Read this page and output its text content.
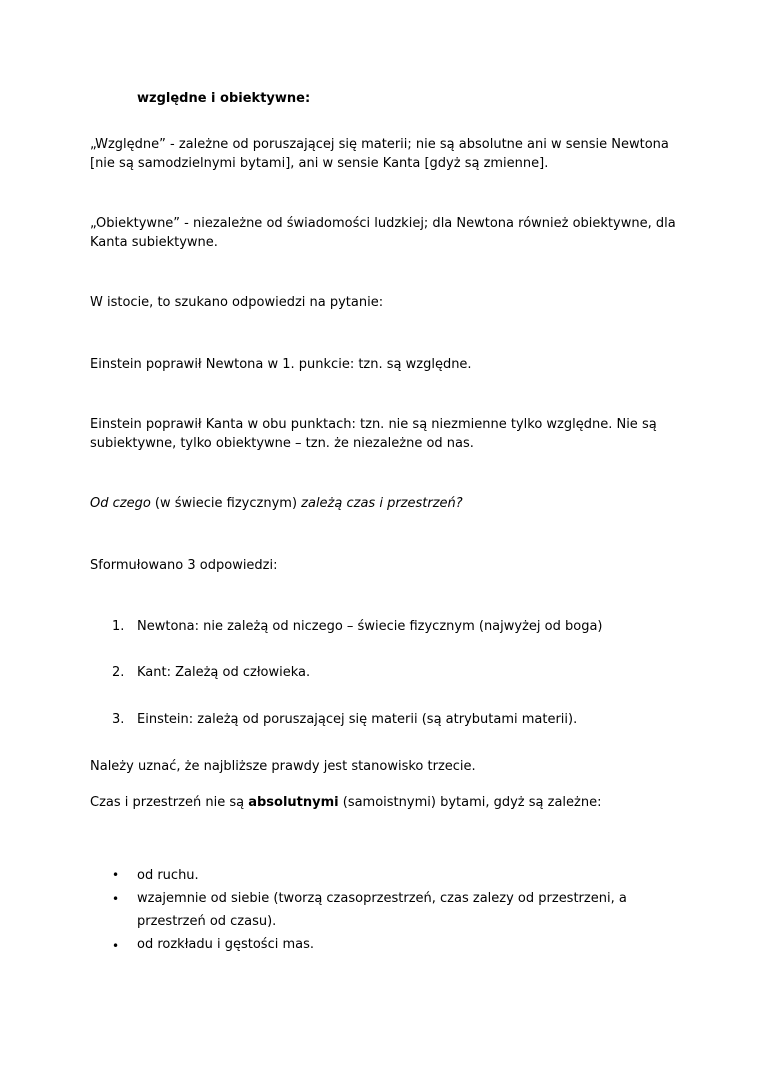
względne i obiektywne:
„Względne” - zależne od poruszającej się materii; nie są absolutne ani w sensie Newtona
[nie są samodzielnymi bytami], ani w sensie Kanta [gdyż są zmienne].
„Obiektywne” - niezależne od świadomości ludzkiej; dla Newtona również obiektywne, dla
Kanta subiektywne.
W istocie, to szukano odpowiedzi na pytanie:
Einstein poprawił Newtona w 1. punkcie: tzn. są względne.
Einstein poprawił Kanta w obu punktach: tzn. nie są niezmienne tylko względne. Nie są
subiektywne, tylko obiektywne – tzn. że niezależne od nas.
Od czego (w świecie fizycznym) zależą czas i przestrzeń?
Sformułowano 3 odpowiedzi:
1. Newtona: nie zależą od niczego – świecie fizycznym (najwyżej od boga)
2. Kant: Zależą od człowieka.
3. Einstein: zależą od poruszającej się materii (są atrybutami materii).
Należy uznać, że najbliższe prawdy jest stanowisko trzecie.
Czas i przestrzeń nie są absolutnymi (samoistnymi) bytami, gdyż są zależne:
• od ruchu.
• wzajemnie od siebie (tworzą czasoprzestrzeń, czas zalezy od przestrzeni, a
przestrzeń od czasu).
• od rozkładu i gęstości mas.
